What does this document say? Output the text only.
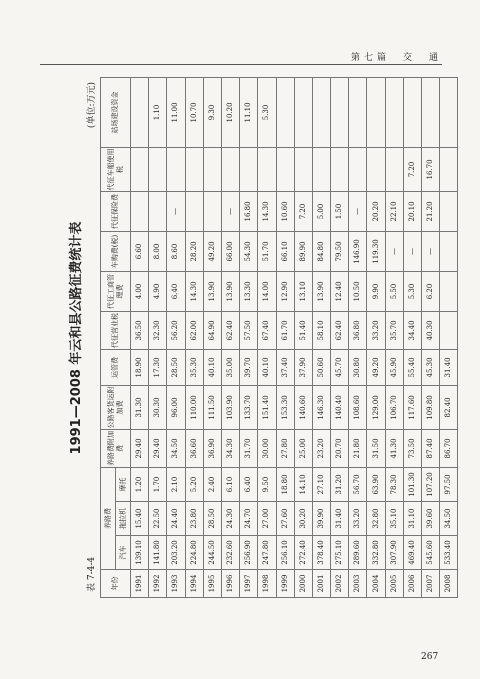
第七篇　交　通
1991—2008 年云和县公路征费统计表
表 7-4-4
(单位:万元)
年份	养路费			养路费附加费	公路客货运附加费	运管费	代征营业税	代征工商管理费	车购费(税)	代征保险费	代征车船使用税	站场建设资金
	汽车	拖拉机	摩托									
1991	139.10	15.40	1.20	29.40	31.30	18.90	36.50	4.00	6.60			
1992	141.80	22.50	1.70	29.40	30.30	17.30	32.30	4.90	8.00			1.10
1993	203.20	24.40	2.10	34.50	96.00	28.50	56.20	6.40	8.60	—		11.00
1994	224.80	23.80	5.20	36.60	110.00	35.30	62.00	14.30	28.20			10.70
1995	244.50	28.50	2.40	36.90	111.50	40.10	64.90	13.90	49.20			9.30
1996	232.60	24.30	6.10	34.30	103.90	35.00	62.40	13.90	66.00	—		10.20
1997	256.90	24.70	6.40	31.70	133.70	39.70	57.50	13.30	54.30	16.80		11.10
1998	247.80	27.00	9.50	30.00	151.40	40.10	67.40	14.00	51.70	14.30		5.30
1999	256.10	27.60	18.80	27.80	153.30	37.40	61.70	12.90	66.10	10.60		
2000	272.40	30.20	14.10	25.00	140.60	37.90	51.40	13.10	89.90	7.20		
2001	378.40	39.90	27.10	23.20	146.30	50.60	58.10	13.90	84.80	5.00		
2002	275.10	31.40	31.20	20.70	140.40	45.70	62.40	12.40	79.50	1.50		
2003	289.60	33.20	56.70	21.80	108.60	30.80	36.80	10.50	146.90	—		
2004	332.80	32.80	63.90	31.50	129.00	49.20	33.20	9.90	119.30	20.20		
2005	307.90	35.10	78.30	41.30	106.70	45.90	35.70	5.50	—	22.10		
2006	469.40	31.10	101.30	73.50	117.60	55.40	34.40	5.30	—	20.10	7.20	
2007	545.60	39.60	107.20	87.40	109.80	45.30	40.30	6.20	—	21.20	16.70	
2008	533.40	34.50	97.50	86.70	82.40	31.40						
267
